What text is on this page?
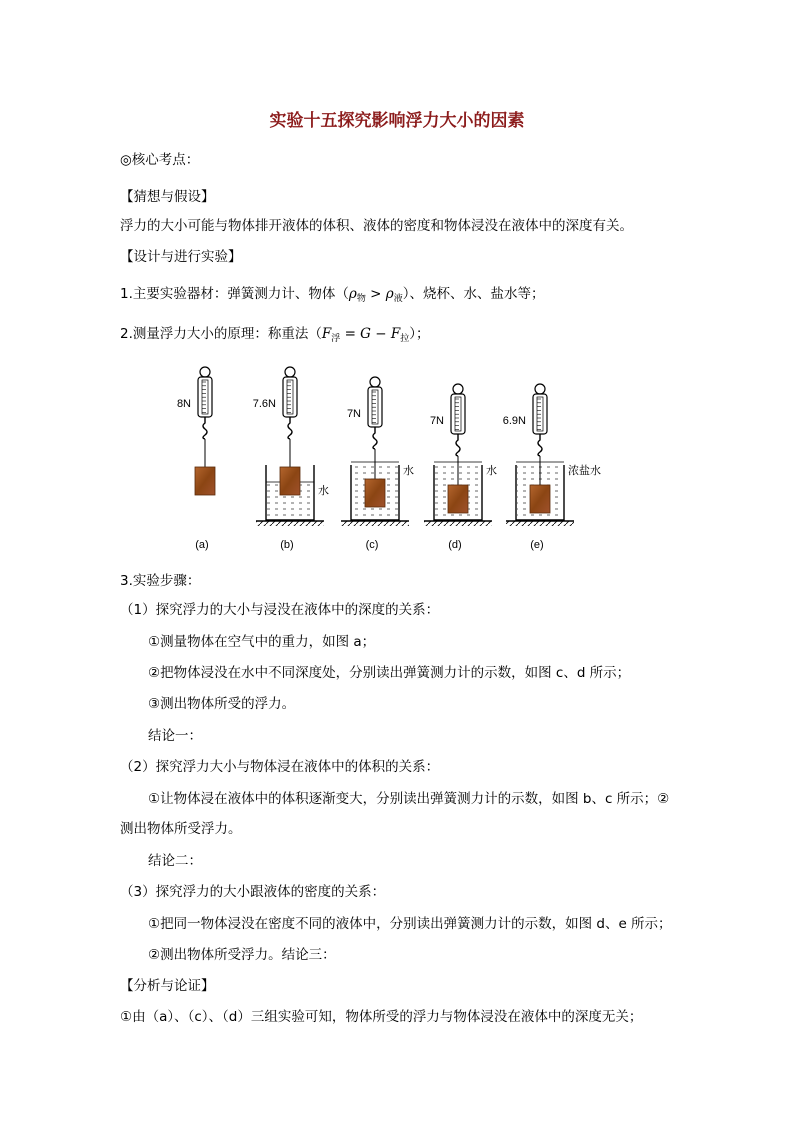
实验十五探究影响浮力大小的因素
◎核心考点：
【猜想与假设】
浮力的大小可能与物体排开液体的体积、液体的密度和物体浸没在液体中的深度有关。
【设计与进行实验】
1.主要实验器材：弹簧测力计、物体$(\rho_物 > \rho_液)$、烧杯、水、盐水等；
2.测量浮力大小的原理：称重法$(F_浮 = G - F_拉)$；
8N
(a)
7.6N
水
(b)
7N
水
(c)
7N
水
(d)
6.9N
浓盐水
(e)
3.实验步骤：
（1）探究浮力的大小与浸没在液体中的深度的关系：
①测量物体在空气中的重力，如图 a；
②把物体浸没在水中不同深度处，分别读出弹簧测力计的示数，如图 c、d 所示；
③测出物体所受的浮力。
结论一：
（2）探究浮力大小与物体浸在液体中的体积的关系：
①让物体浸在液体中的体积逐渐变大，分别读出弹簧测力计的示数，如图 b、c 所示；②
测出物体所受浮力。
结论二：
（3）探究浮力的大小跟液体的密度的关系：
①把同一物体浸没在密度不同的液体中，分别读出弹簧测力计的示数，如图 d、e 所示；
②测出物体所受浮力。结论三：
【分析与论证】
①由（a）、（c）、（d）三组实验可知，物体所受的浮力与物体浸没在液体中的深度无关；
